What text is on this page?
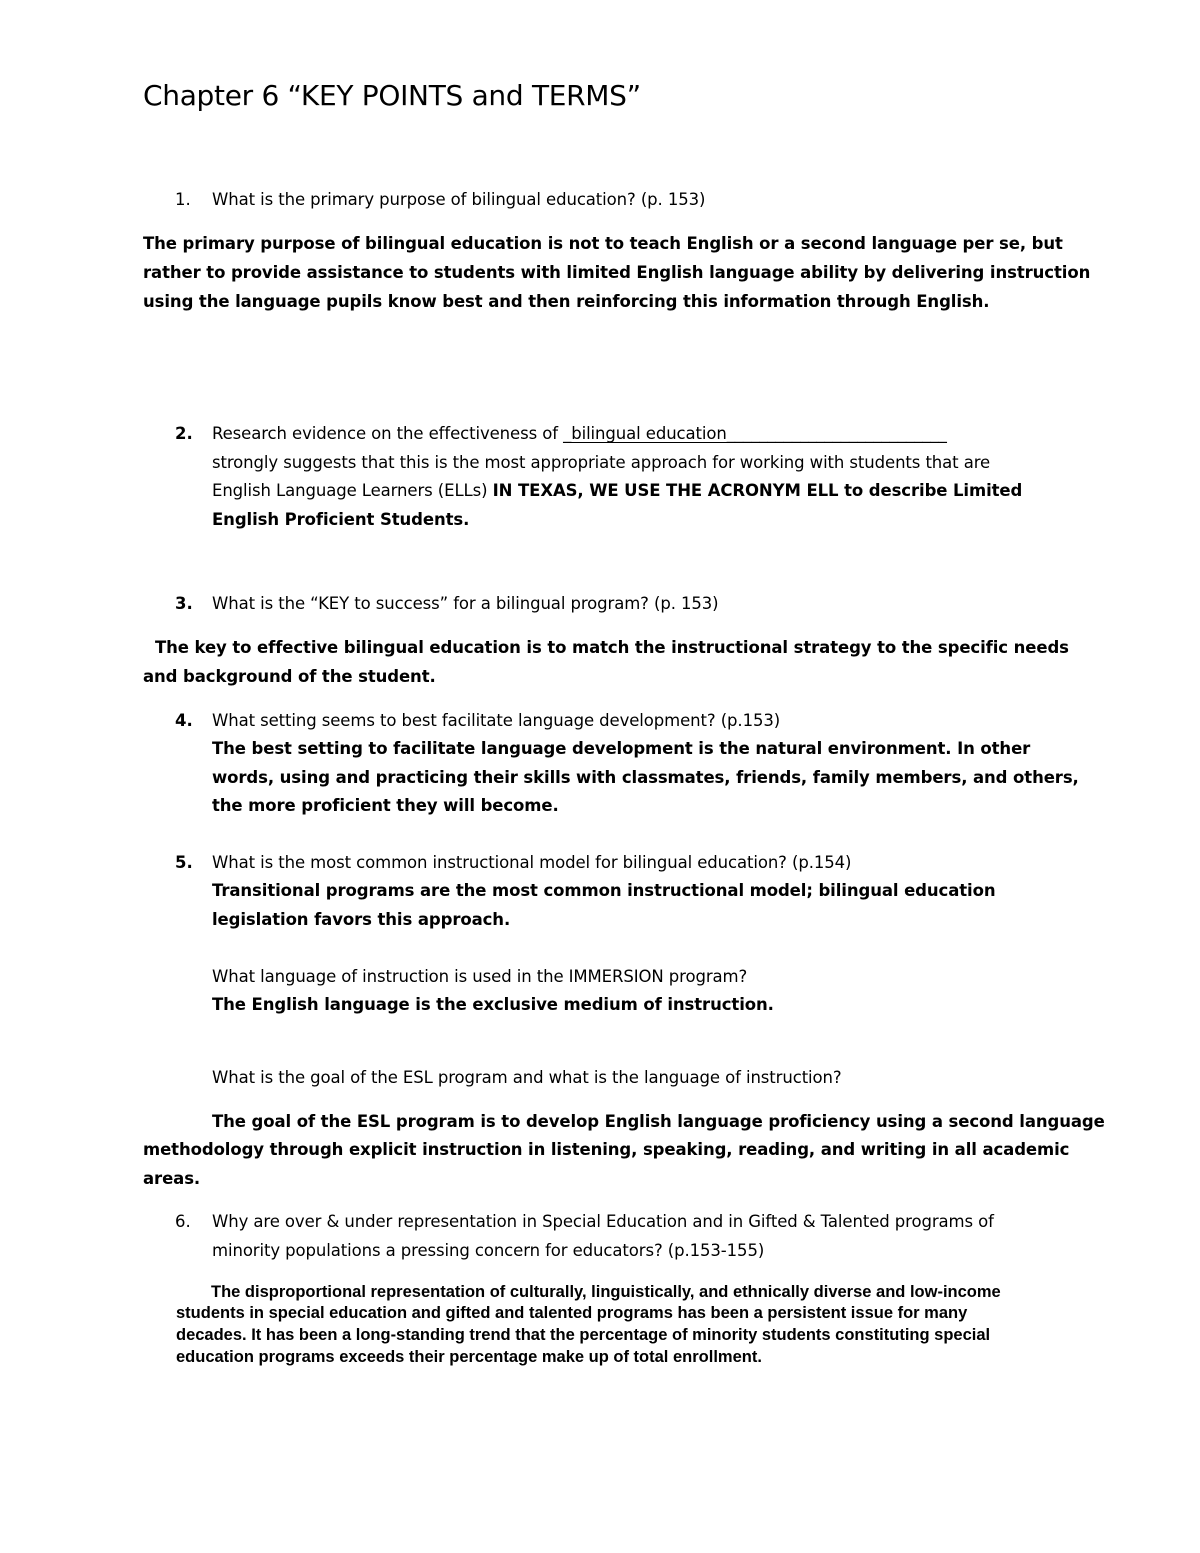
Chapter 6 “KEY POINTS and TERMS”
1. What is the primary purpose of bilingual education? (p. 153)
The primary purpose of bilingual education is not to teach English or a second language per se, but
rather to provide assistance to students with limited English language ability by delivering instruction
using the language pupils know best and then reinforcing this information through English.
2. Research evidence on the effectiveness of _bilingual education___________________________
strongly suggests that this is the most appropriate approach for working with students that are
English Language Learners (ELLs) IN TEXAS, WE USE THE ACRONYM ELL to describe Limited
English Proficient Students.
3. What is the “KEY to success” for a bilingual program? (p. 153)
The key to effective bilingual education is to match the instructional strategy to the specific needs
and background of the student.
4. What setting seems to best facilitate language development? (p.153)
The best setting to facilitate language development is the natural environment. In other
words, using and practicing their skills with classmates, friends, family members, and others,
the more proficient they will become.
5. What is the most common instructional model for bilingual education? (p.154)
Transitional programs are the most common instructional model; bilingual education
legislation favors this approach.
What language of instruction is used in the IMMERSION program?
The English language is the exclusive medium of instruction.
What is the goal of the ESL program and what is the language of instruction?
The goal of the ESL program is to develop English language proficiency using a second language
methodology through explicit instruction in listening, speaking, reading, and writing in all academic
areas.
6. Why are over & under representation in Special Education and in Gifted & Talented programs of
minority populations a pressing concern for educators? (p.153-155)
The disproportional representation of culturally, linguistically, and ethnically diverse and low-income
students in special education and gifted and talented programs has been a persistent issue for many
decades. It has been a long-standing trend that the percentage of minority students constituting special
education programs exceeds their percentage make up of total enrollment.
